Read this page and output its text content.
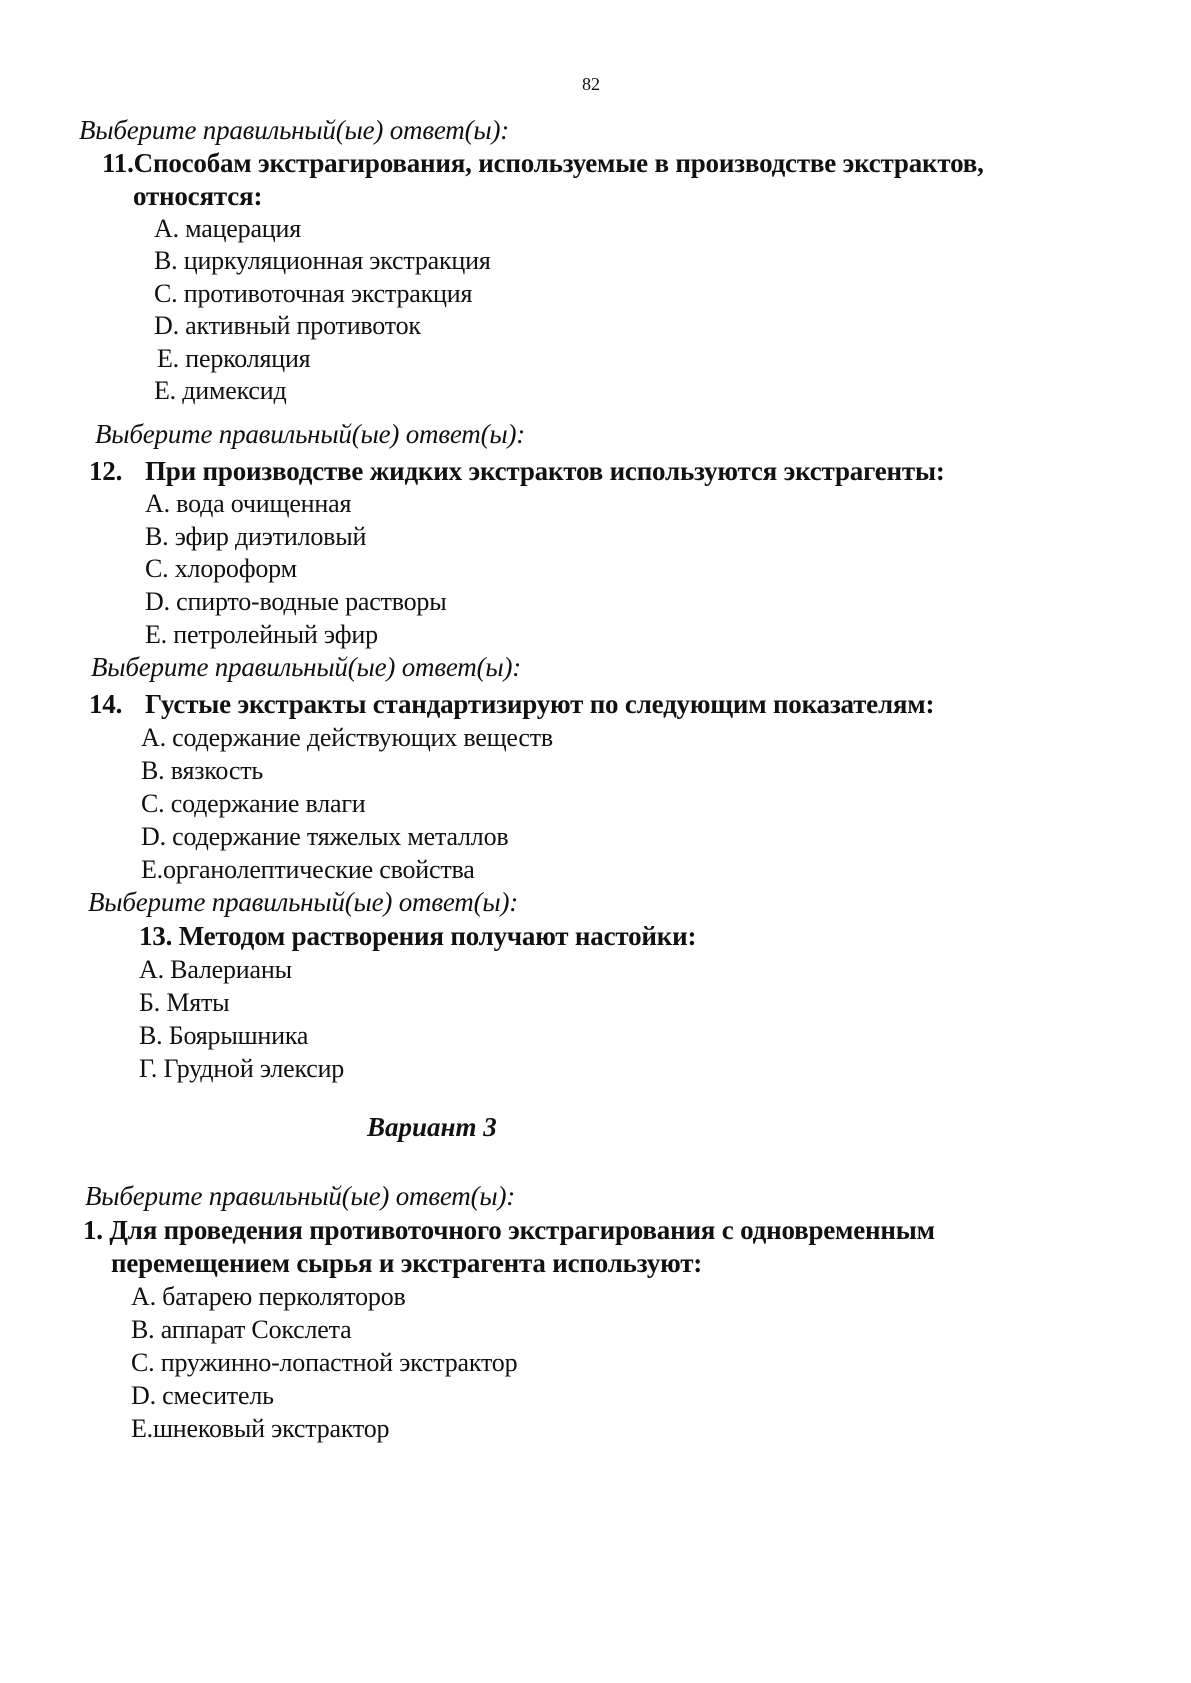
82
Выберите правильный(ые) ответ(ы):
11.Способам экстрагирования, используемые в производстве экстрактов,
относятся:
А. мацерация
В. циркуляционная экстракция
С. противоточная экстракция
D. активный противоток
Е. перколяция
Е. димексид
Выберите правильный(ые) ответ(ы):
12. При производстве жидких экстрактов используются экстрагенты:
А. вода очищенная
В. эфир диэтиловый
С. хлороформ
D. спирто-водные растворы
Е. петролейный эфир
Выберите правильный(ые) ответ(ы):
14. Густые экстракты стандартизируют по следующим показателям:
А. содержание действующих веществ
В. вязкость
С. содержание влаги
D. содержание тяжелых металлов
Е.органолептические свойства
Выберите правильный(ые) ответ(ы):
13. Методом растворения получают настойки:
А. Валерианы
Б. Мяты
В. Боярышника
Г. Грудной элексир
Вариант 3
Выберите правильный(ые) ответ(ы):
1. Для проведения противоточного экстрагирования с одновременным
перемещением сырья и экстрагента используют:
А. батарею перколяторов
В. аппарат Сокслета
С. пружинно-лопастной экстрактор
D. смеситель
Е.шнековый экстрактор
